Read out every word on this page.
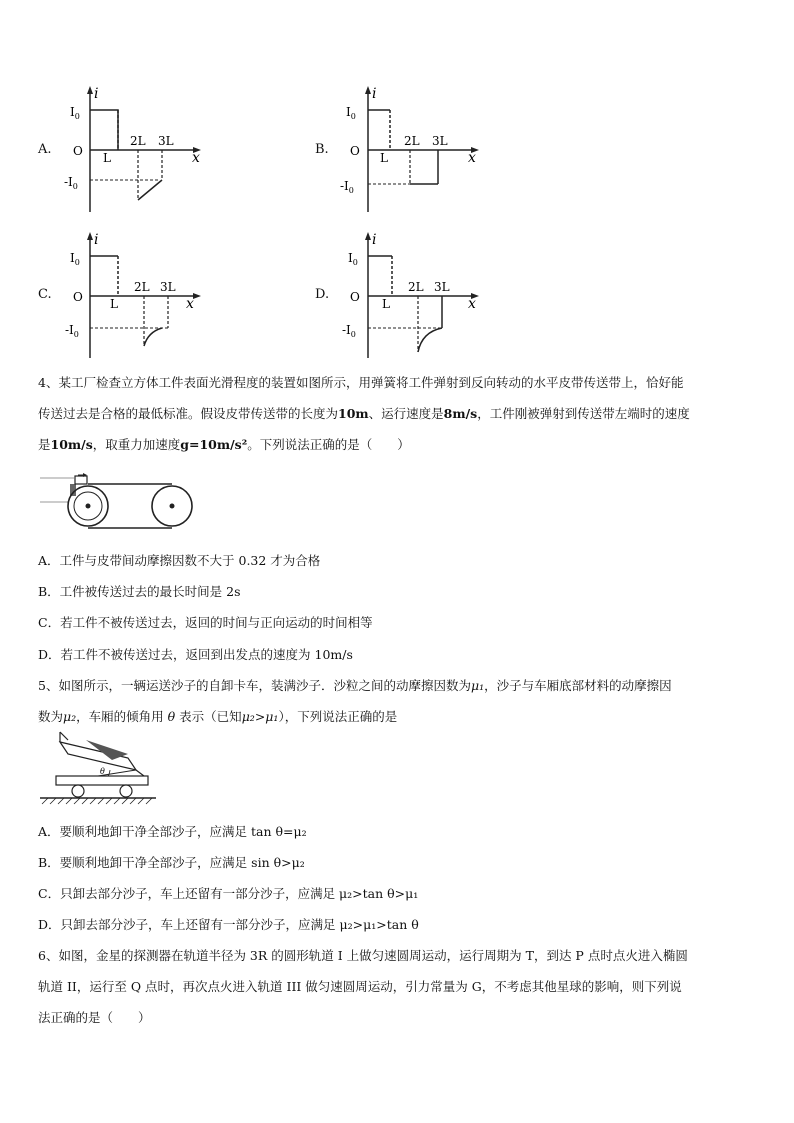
A.
i
x
$I_0$
O
$-I_0$
L
2L 3L
B.
i
x
$I_0$
O
$-I_0$
L
2L 3L
C.
i
x
$I_0$
O
$-I_0$
L
2L 3L	D.
i
x
$I_0$
O
$-I_0$
L
2L 3L

4、某工厂检查立方体工件表面光滑程度的装置如图所示，用弹簧将工件弹射到反向转动的水平皮带传送带上，恰好能

传送过去是合格的最低标准。假设皮带传送带的长度为10m、运行速度是8m/s，工件刚被弹射到传送带左端时的速度

是10m/s，取重力加速度g=10m/s²。下列说法正确的是（　　）

A．工件与皮带间动摩擦因数不大于 0.32 才为合格
B．工件被传送过去的最长时间是 2s
C．若工件不被传送过去，返回的时间与正向运动的时间相等
D．若工件不被传送过去，返回到出发点的速度为 10m/s

5、如图所示，一辆运送沙子的自卸卡车，装满沙子．沙粒之间的动摩擦因数为μ₁，沙子与车厢底部材料的动摩擦因

数为μ₂，车厢的倾角用 θ 表示（已知μ₂>μ₁），下列说法正确的是

θ
A．要顺利地卸干净全部沙子，应满足 tan θ=μ₂
B．要顺利地卸干净全部沙子，应满足 sin θ>μ₂
C．只卸去部分沙子，车上还留有一部分沙子，应满足 μ₂>tan θ>μ₁
D．只卸去部分沙子，车上还留有一部分沙子，应满足 μ₂>μ₁>tan θ

6、如图，金星的探测器在轨道半径为 3R 的圆形轨道 I 上做匀速圆周运动，运行周期为 T，到达 P 点时点火进入椭圆

轨道 II，运行至 Q 点时，再次点火进入轨道 III 做匀速圆周运动，引力常量为 G，不考虑其他星球的影响，则下列说

法正确的是（　　）
